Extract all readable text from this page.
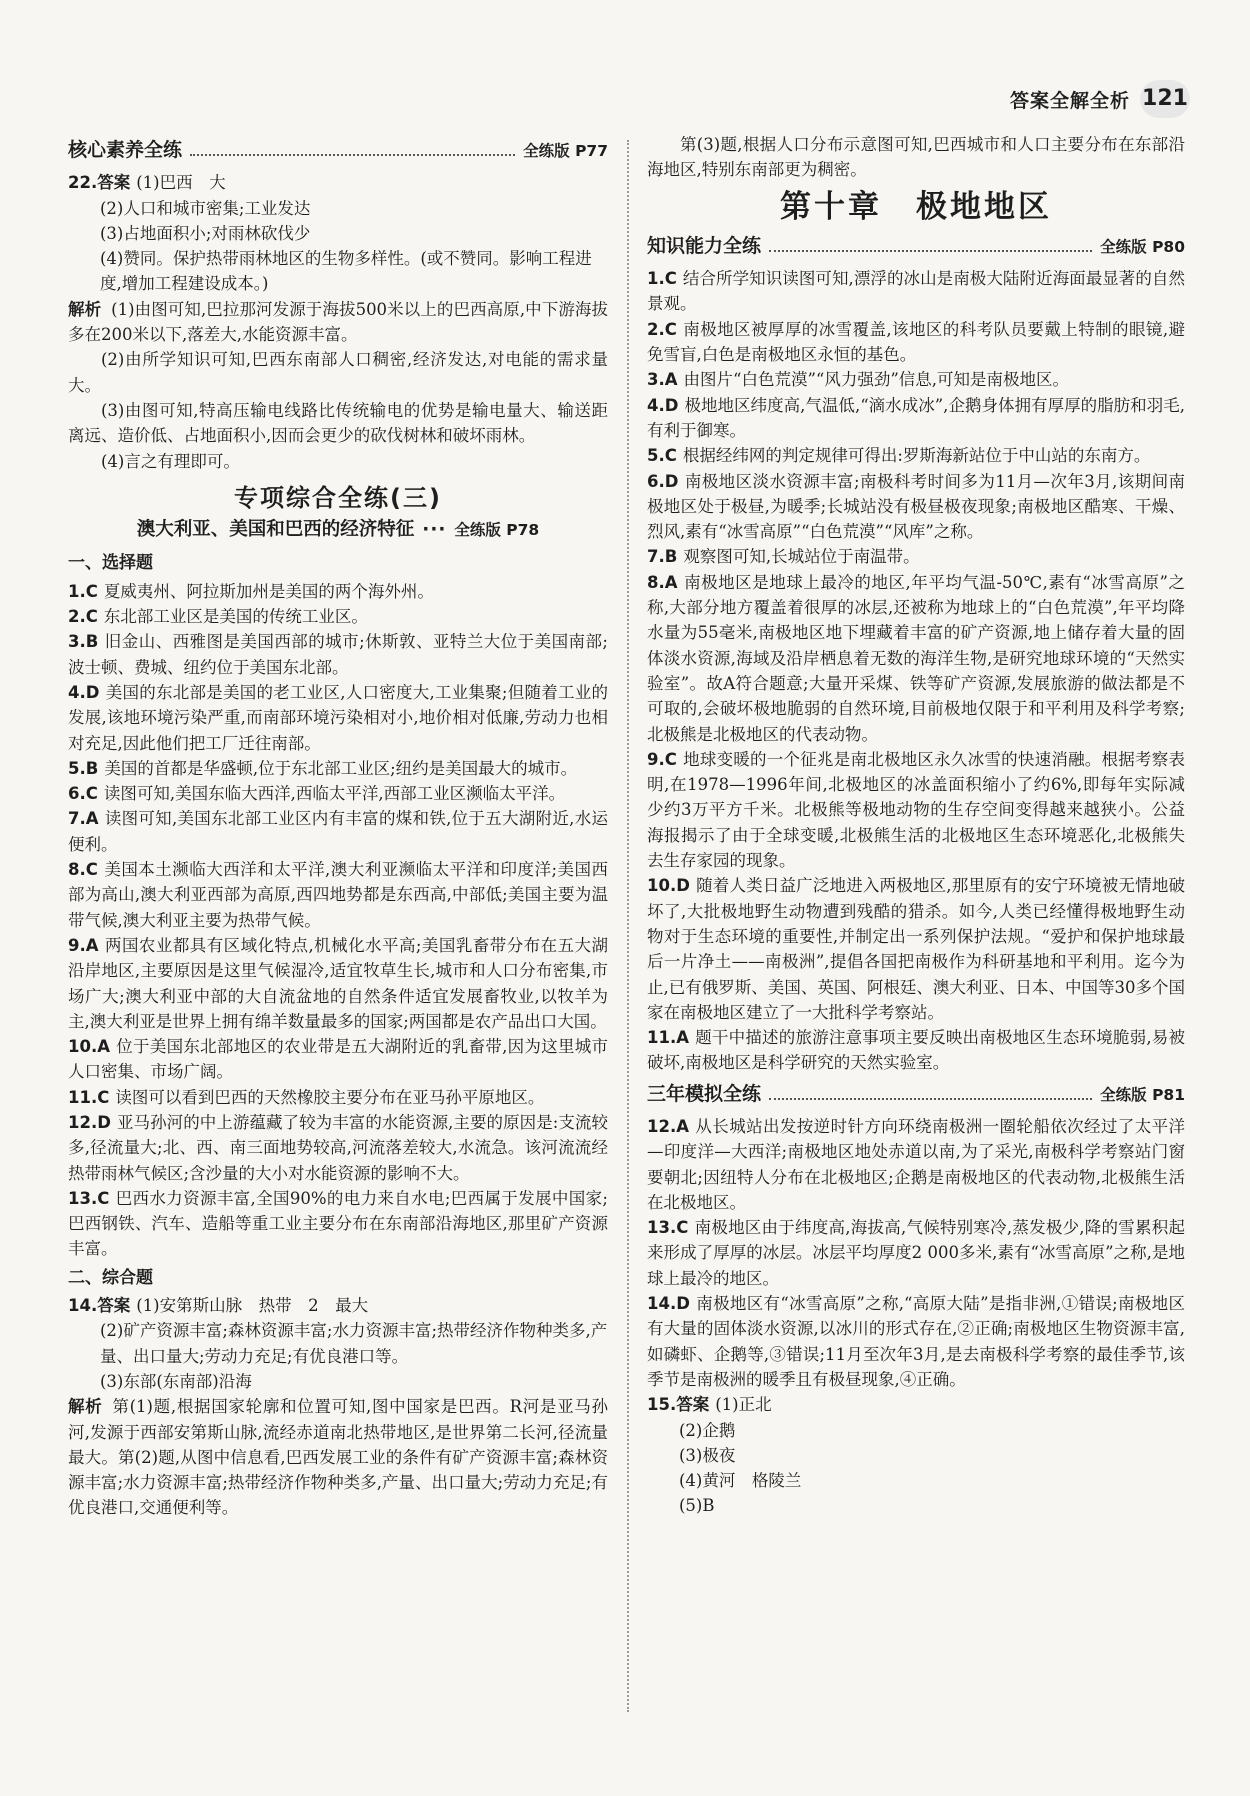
答案全解全析 121
核心素养全练	全练版 P77

22.答案 (1)巴西　大

(2)人口和城市密集;工业发达

(3)占地面积小;对雨林砍伐少

(4)赞同。保护热带雨林地区的生物多样性。(或不赞同。影响工程进度,增加工程建设成本。)

解析 (1)由图可知,巴拉那河发源于海拔500米以上的巴西高原,中下游海拔多在200米以下,落差大,水能资源丰富。

(2)由所学知识可知,巴西东南部人口稠密,经济发达,对电能的需求量大。

(3)由图可知,特高压输电线路比传统输电的优势是输电量大、输送距离远、造价低、占地面积小,因而会更少的砍伐树林和破坏雨林。

(4)言之有理即可。

专项综合全练(三)
澳大利亚、美国和巴西的经济特征 ··· 全练版 P78
一、选择题

1.C 夏威夷州、阿拉斯加州是美国的两个海外州。

2.C 东北部工业区是美国的传统工业区。

3.B 旧金山、西雅图是美国西部的城市;休斯敦、亚特兰大位于美国南部;波士顿、费城、纽约位于美国东北部。

4.D 美国的东北部是美国的老工业区,人口密度大,工业集聚;但随着工业的发展,该地环境污染严重,而南部环境污染相对小,地价相对低廉,劳动力也相对充足,因此他们把工厂迁往南部。

5.B 美国的首都是华盛顿,位于东北部工业区;纽约是美国最大的城市。

6.C 读图可知,美国东临大西洋,西临太平洋,西部工业区濒临太平洋。

7.A 读图可知,美国东北部工业区内有丰富的煤和铁,位于五大湖附近,水运便利。

8.C 美国本土濒临大西洋和太平洋,澳大利亚濒临太平洋和印度洋;美国西部为高山,澳大利亚西部为高原,西四地势都是东西高,中部低;美国主要为温带气候,澳大利亚主要为热带气候。

9.A 两国农业都具有区域化特点,机械化水平高;美国乳畜带分布在五大湖沿岸地区,主要原因是这里气候湿冷,适宜牧草生长,城市和人口分布密集,市场广大;澳大利亚中部的大自流盆地的自然条件适宜发展畜牧业,以牧羊为主,澳大利亚是世界上拥有绵羊数量最多的国家;两国都是农产品出口大国。

10.A 位于美国东北部地区的农业带是五大湖附近的乳畜带,因为这里城市人口密集、市场广阔。

11.C 读图可以看到巴西的天然橡胶主要分布在亚马孙平原地区。

12.D 亚马孙河的中上游蕴藏了较为丰富的水能资源,主要的原因是:支流较多,径流量大;北、西、南三面地势较高,河流落差较大,水流急。该河流流经热带雨林气候区;含沙量的大小对水能资源的影响不大。

13.C 巴西水力资源丰富,全国90%的电力来自水电;巴西属于发展中国家;巴西钢铁、汽车、造船等重工业主要分布在东南部沿海地区,那里矿产资源丰富。

二、综合题

14.答案 (1)安第斯山脉　热带　2　最大

(2)矿产资源丰富;森林资源丰富;水力资源丰富;热带经济作物种类多,产量、出口量大;劳动力充足;有优良港口等。

(3)东部(东南部)沿海

解析 第(1)题,根据国家轮廓和位置可知,图中国家是巴西。R河是亚马孙河,发源于西部安第斯山脉,流经赤道南北热带地区,是世界第二长河,径流量最大。第(2)题,从图中信息看,巴西发展工业的条件有矿产资源丰富;森林资源丰富;水力资源丰富;热带经济作物种类多,产量、出口量大;劳动力充足;有优良港口,交通便利等。

第(3)题,根据人口分布示意图可知,巴西城市和人口主要分布在东部沿海地区,特别东南部更为稠密。

第十章　极地地区
知识能力全练	全练版 P80

1.C 结合所学知识读图可知,漂浮的冰山是南极大陆附近海面最显著的自然景观。

2.C 南极地区被厚厚的冰雪覆盖,该地区的科考队员要戴上特制的眼镜,避免雪盲,白色是南极地区永恒的基色。

3.A 由图片“白色荒漠”“风力强劲”信息,可知是南极地区。

4.D 极地地区纬度高,气温低,“滴水成冰”,企鹅身体拥有厚厚的脂肪和羽毛,有利于御寒。

5.C 根据经纬网的判定规律可得出:罗斯海新站位于中山站的东南方。

6.D 南极地区淡水资源丰富;南极科考时间多为11月—次年3月,该期间南极地区处于极昼,为暖季;长城站没有极昼极夜现象;南极地区酷寒、干燥、烈风,素有“冰雪高原”“白色荒漠”“风库”之称。

7.B 观察图可知,长城站位于南温带。

8.A 南极地区是地球上最冷的地区,年平均气温-50℃,素有“冰雪高原”之称,大部分地方覆盖着很厚的冰层,还被称为地球上的“白色荒漠”,年平均降水量为55毫米,南极地区地下埋藏着丰富的矿产资源,地上储存着大量的固体淡水资源,海域及沿岸栖息着无数的海洋生物,是研究地球环境的“天然实验室”。故A符合题意;大量开采煤、铁等矿产资源,发展旅游的做法都是不可取的,会破坏极地脆弱的自然环境,目前极地仅限于和平利用及科学考察;北极熊是北极地区的代表动物。

9.C 地球变暖的一个征兆是南北极地区永久冰雪的快速消融。根据考察表明,在1978—1996年间,北极地区的冰盖面积缩小了约6%,即每年实际减少约3万平方千米。北极熊等极地动物的生存空间变得越来越狭小。公益海报揭示了由于全球变暖,北极熊生活的北极地区生态环境恶化,北极熊失去生存家园的现象。

10.D 随着人类日益广泛地进入两极地区,那里原有的安宁环境被无情地破坏了,大批极地野生动物遭到残酷的猎杀。如今,人类已经懂得极地野生动物对于生态环境的重要性,并制定出一系列保护法规。“爱护和保护地球最后一片净土——南极洲”,提倡各国把南极作为科研基地和平利用。迄今为止,已有俄罗斯、美国、英国、阿根廷、澳大利亚、日本、中国等30多个国家在南极地区建立了一大批科学考察站。

11.A 题干中描述的旅游注意事项主要反映出南极地区生态环境脆弱,易被破坏,南极地区是科学研究的天然实验室。

三年模拟全练	全练版 P81

12.A 从长城站出发按逆时针方向环绕南极洲一圈轮船依次经过了太平洋—印度洋—大西洋;南极地区地处赤道以南,为了采光,南极科学考察站门窗要朝北;因纽特人分布在北极地区;企鹅是南极地区的代表动物,北极熊生活在北极地区。

13.C 南极地区由于纬度高,海拔高,气候特别寒冷,蒸发极少,降的雪累积起来形成了厚厚的冰层。冰层平均厚度2 000多米,素有“冰雪高原”之称,是地球上最冷的地区。

14.D 南极地区有“冰雪高原”之称,“高原大陆”是指非洲,①错误;南极地区有大量的固体淡水资源,以冰川的形式存在,②正确;南极地区生物资源丰富,如磷虾、企鹅等,③错误;11月至次年3月,是去南极科学考察的最佳季节,该季节是南极洲的暖季且有极昼现象,④正确。

15.答案 (1)正北

(2)企鹅

(3)极夜

(4)黄河　格陵兰

(5)B
